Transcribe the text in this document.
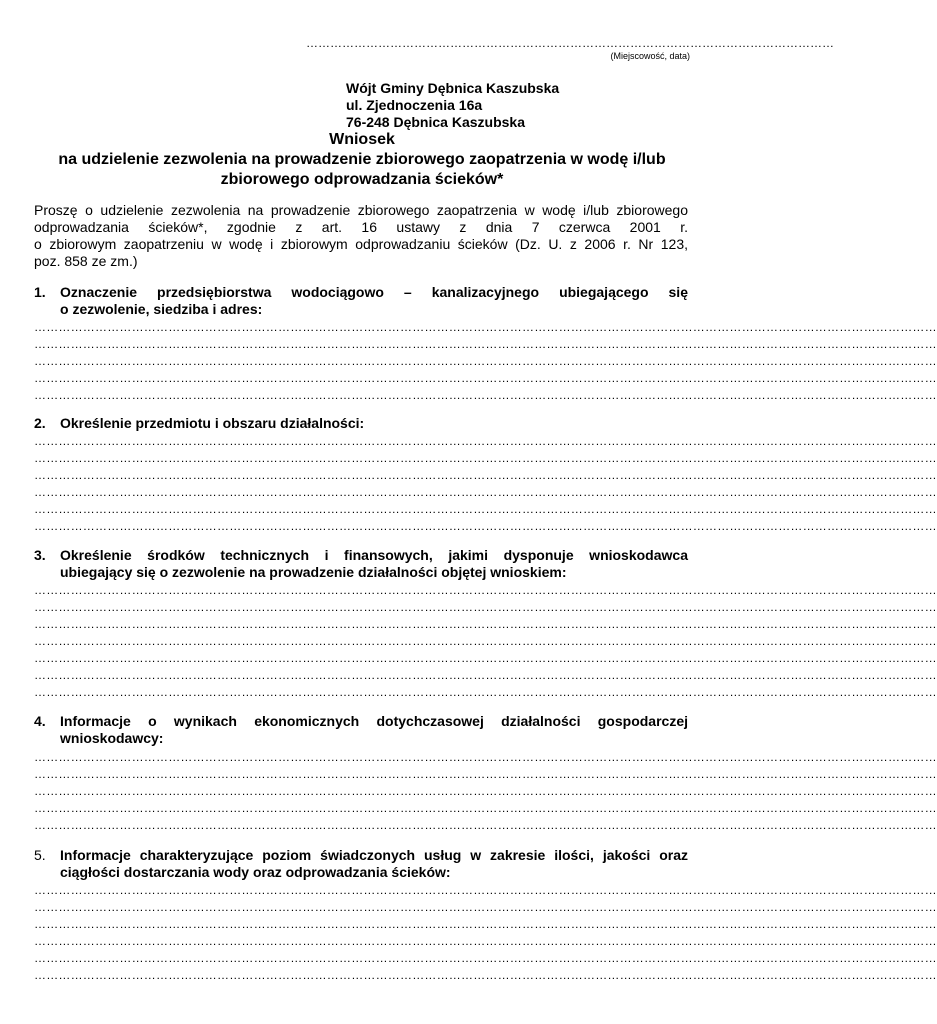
……………………………………………………………………………………………………………………
(Miejscowość, data)
Wójt Gminy Dębnica Kaszubska
ul. Zjednoczenia 16a
76-248 Dębnica Kaszubska
Wniosek
na udzielenie zezwolenia na prowadzenie zbiorowego zaopatrzenia w wodę i/lub
zbiorowego odprowadzania ścieków*
Proszę o udzielenie zezwolenia na prowadzenie zbiorowego zaopatrzenia w wodę i/lub zbiorowego
odprowadzania ścieków*, zgodnie z art. 16 ustawy z dnia 7 czerwca 2001 r.
o zbiorowym zaopatrzeniu w wodę i zbiorowym odprowadzaniu ścieków (Dz. U. z 2006 r. Nr 123,
poz. 858 ze zm.)
1.	Oznaczenie przedsiębiorstwa wodociągowo – kanalizacyjnego ubiegającego się
o zezwolenie, siedziba i adres:
……………………………………………………………………………………………………………………………………………………………………………………………………
……………………………………………………………………………………………………………………………………………………………………………………………………
……………………………………………………………………………………………………………………………………………………………………………………………………
……………………………………………………………………………………………………………………………………………………………………………………………………
……………………………………………………………………………………………………………………………………………………………………………………………………
2.	Określenie przedmiotu i obszaru działalności:
……………………………………………………………………………………………………………………………………………………………………………………………………
……………………………………………………………………………………………………………………………………………………………………………………………………
……………………………………………………………………………………………………………………………………………………………………………………………………
……………………………………………………………………………………………………………………………………………………………………………………………………
……………………………………………………………………………………………………………………………………………………………………………………………………
……………………………………………………………………………………………………………………………………………………………………………………………………
3.	Określenie środków technicznych i finansowych, jakimi dysponuje wnioskodawca
ubiegający się o zezwolenie na prowadzenie działalności objętej wnioskiem:
……………………………………………………………………………………………………………………………………………………………………………………………………
……………………………………………………………………………………………………………………………………………………………………………………………………
……………………………………………………………………………………………………………………………………………………………………………………………………
……………………………………………………………………………………………………………………………………………………………………………………………………
……………………………………………………………………………………………………………………………………………………………………………………………………
……………………………………………………………………………………………………………………………………………………………………………………………………
……………………………………………………………………………………………………………………………………………………………………………………………………
4.	Informacje o wynikach ekonomicznych dotychczasowej działalności gospodarczej
wnioskodawcy:
……………………………………………………………………………………………………………………………………………………………………………………………………
……………………………………………………………………………………………………………………………………………………………………………………………………
……………………………………………………………………………………………………………………………………………………………………………………………………
……………………………………………………………………………………………………………………………………………………………………………………………………
……………………………………………………………………………………………………………………………………………………………………………………………………
5.	Informacje charakteryzujące poziom świadczonych usług w zakresie ilości, jakości oraz
ciągłości dostarczania wody oraz odprowadzania ścieków:
……………………………………………………………………………………………………………………………………………………………………………………………………
……………………………………………………………………………………………………………………………………………………………………………………………………
……………………………………………………………………………………………………………………………………………………………………………………………………
……………………………………………………………………………………………………………………………………………………………………………………………………
……………………………………………………………………………………………………………………………………………………………………………………………………
……………………………………………………………………………………………………………………………………………………………………………………………………
